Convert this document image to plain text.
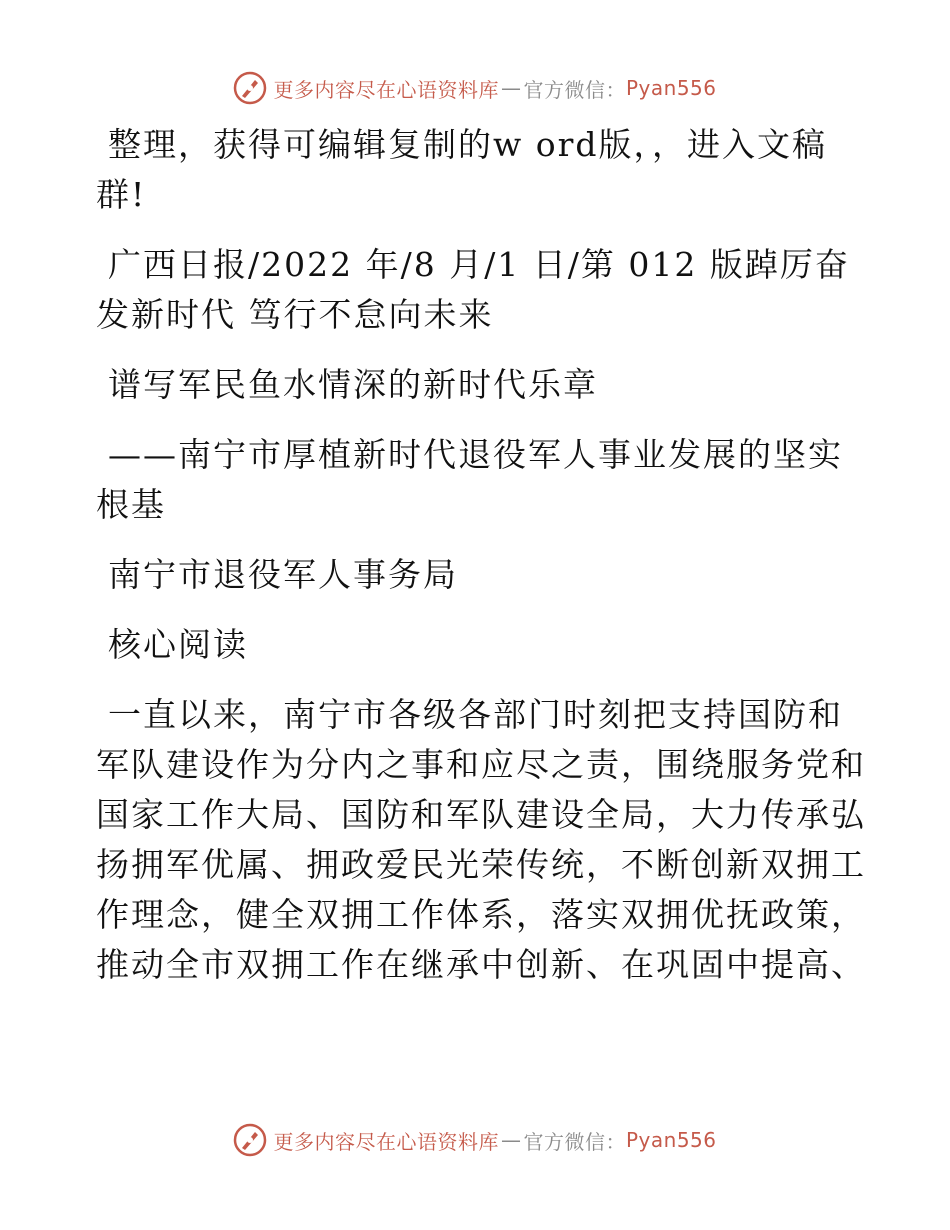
更多内容尽在心语资料库 — 官方微信： Pyan556

整理，获得可编辑复制的w ord版，，进入文稿群!

广西日报/2022 年/8 月/1 日/第 012 版踔厉奋发新时代 笃行不怠向未来

谱写军民鱼水情深的新时代乐章

——南宁市厚植新时代退役军人事业发展的坚实根基

南宁市退役军人事务局

核心阅读

一直以来，南宁市各级各部门时刻把支持国防和军队建设作为分内之事和应尽之责，围绕服务党和国家工作大局、国防和军队建设全局，大力传承弘扬拥军优属、拥政爱民光荣传统，不断创新双拥工作理念，健全双拥工作体系，落实双拥优抚政策，推动全市双拥工作在继承中创新、在巩固中提高、

更多内容尽在心语资料库 — 官方微信： Pyan556
